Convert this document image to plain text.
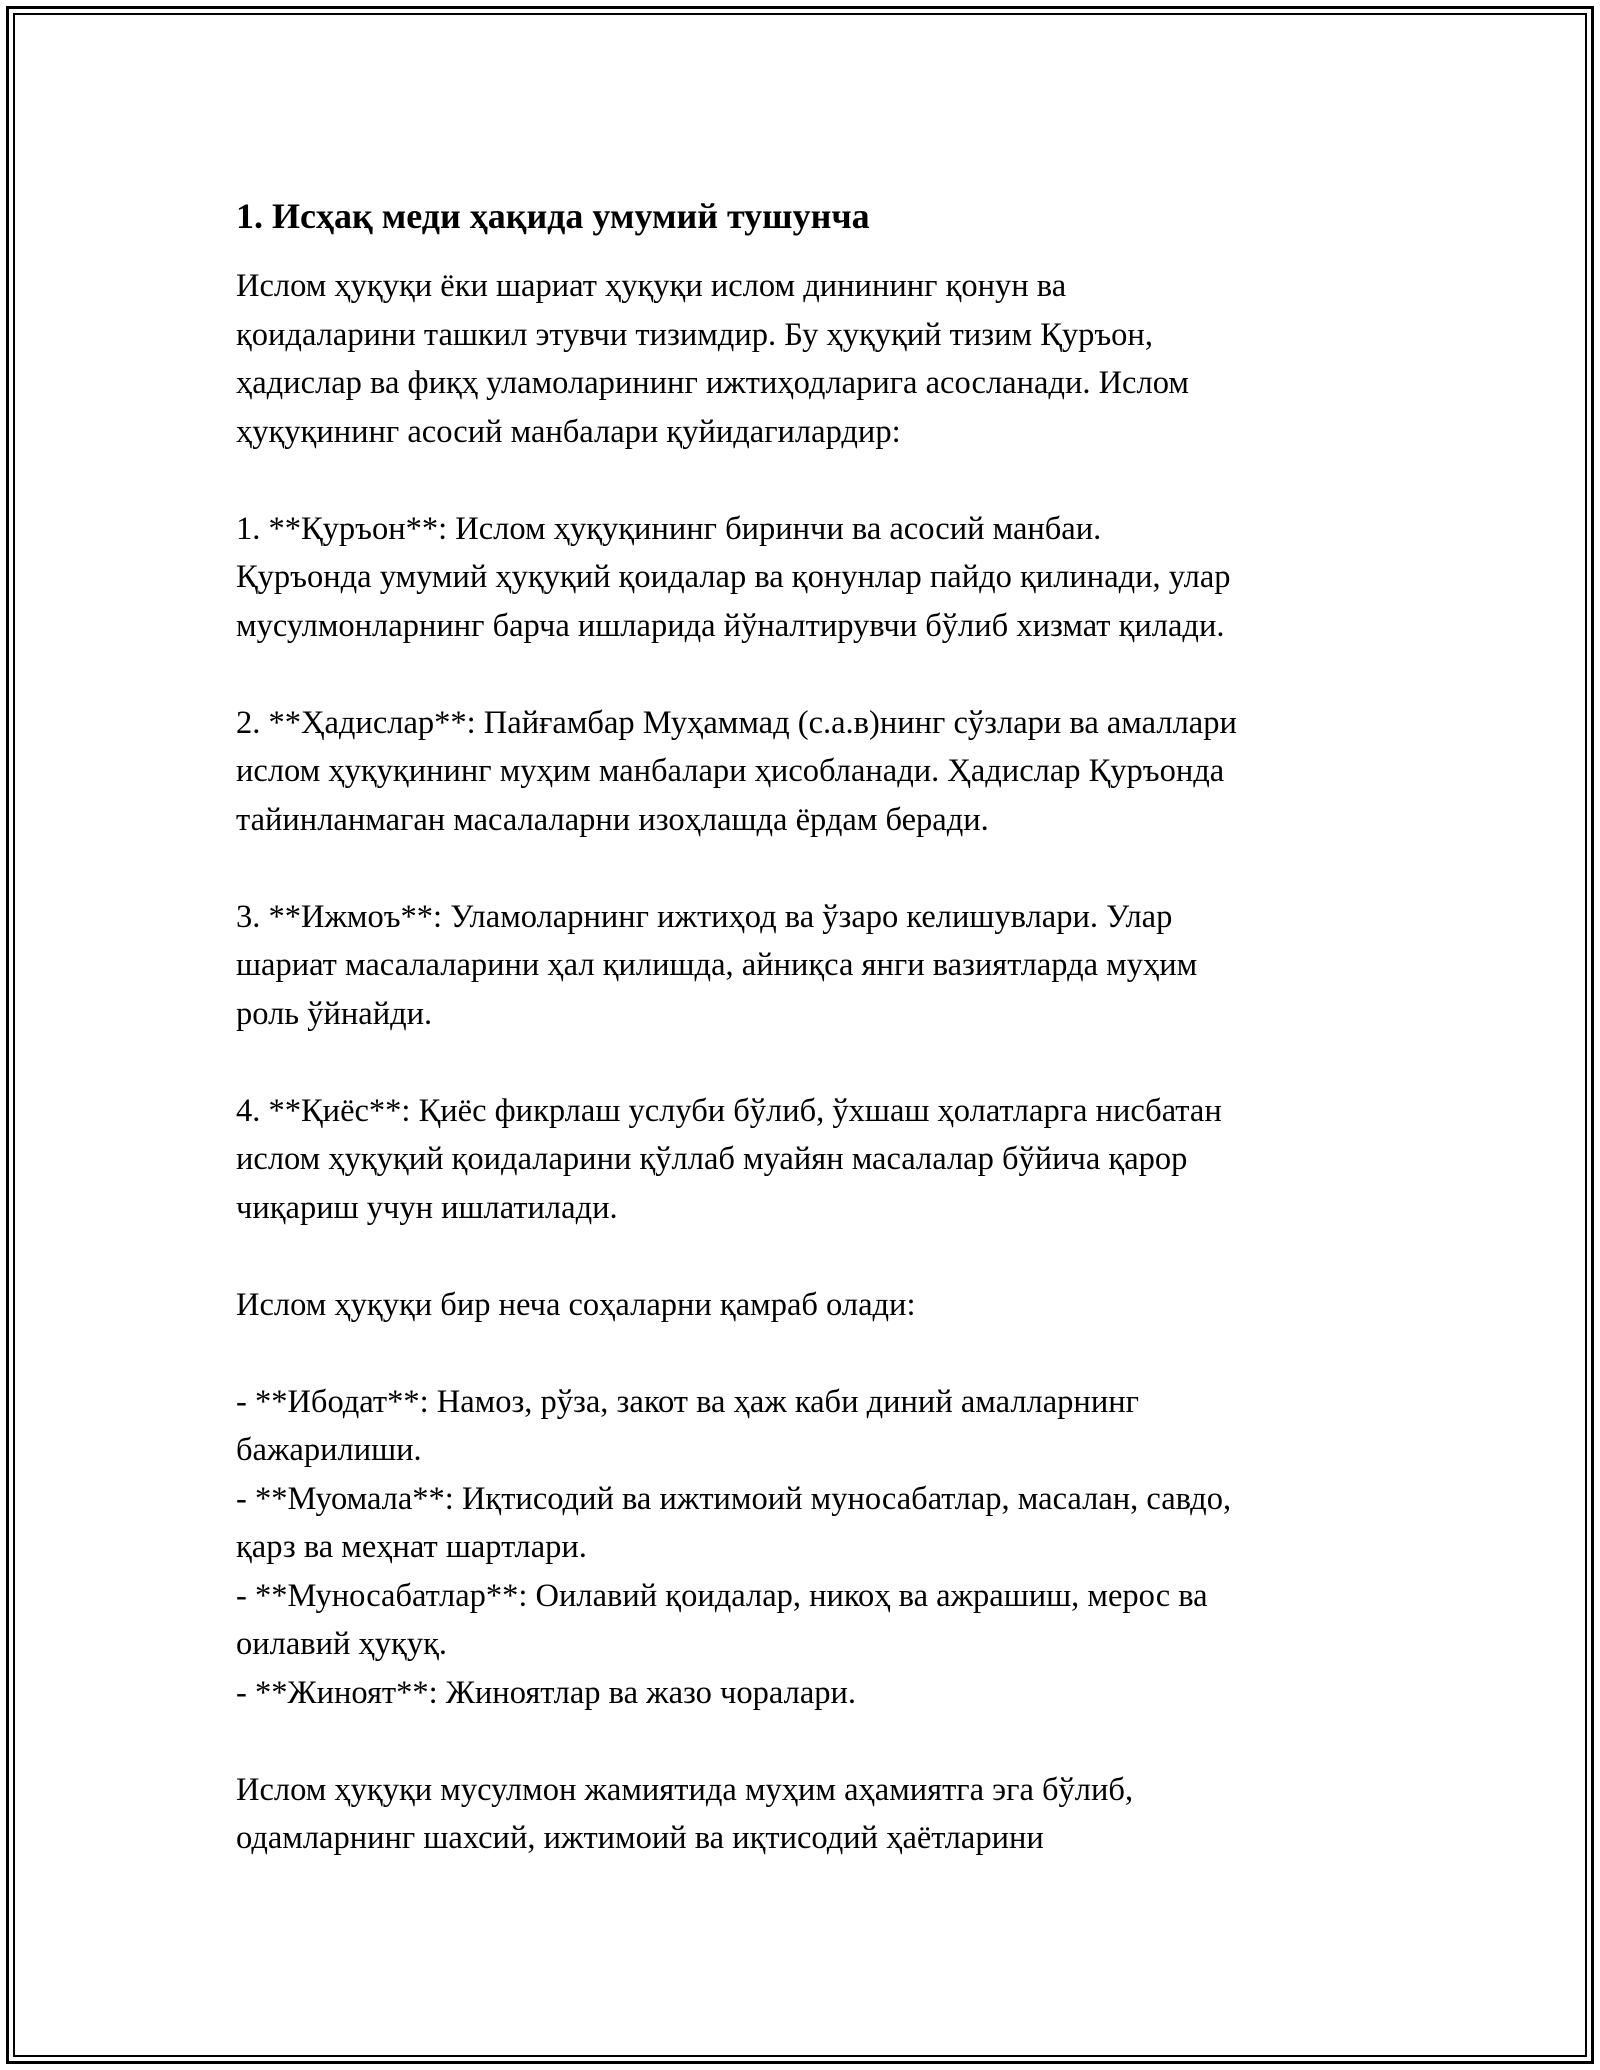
1. Исҳақ меди ҳақида умумий тушунча
Ислом ҳуқуқи ёки шариат ҳуқуқи ислом динининг қонун ва
қоидаларини ташкил этувчи тизимдир. Бу ҳуқуқий тизим Қуръон,
ҳадислар ва фиқҳ уламоларининг ижтиҳодларига асосланади. Ислом
ҳуқуқининг асосий манбалари қуйидагилардир:
1. **Қуръон**: Ислом ҳуқуқининг биринчи ва асосий манбаи.
Қуръонда умумий ҳуқуқий қоидалар ва қонунлар пайдо қилинади, улар
мусулмонларнинг барча ишларида йўналтирувчи бўлиб хизмат қилади.
2. **Ҳадислар**: Пайғамбар Муҳаммад (с.а.в)нинг сўзлари ва амаллари
ислом ҳуқуқининг муҳим манбалари ҳисобланади. Ҳадислар Қуръонда
тайинланмаган масалаларни изоҳлашда ёрдам беради.
3. **Ижмоъ**: Уламоларнинг ижтиҳод ва ўзаро келишувлари. Улар
шариат масалаларини ҳал қилишда, айниқса янги вазиятларда муҳим
роль ўйнайди.
4. **Қиёс**: Қиёс фикрлаш услуби бўлиб, ўхшаш ҳолатларга нисбатан
ислом ҳуқуқий қоидаларини қўллаб муайян масалалар бўйича қарор
чиқариш учун ишлатилади.
Ислом ҳуқуқи бир неча соҳаларни қамраб олади:
- **Ибодат**: Намоз, рўза, закот ва ҳаж каби диний амалларнинг
бажарилиши.
- **Муомала**: Иқтисодий ва ижтимоий муносабатлар, масалан, савдо,
қарз ва меҳнат шартлари.
- **Муносабатлар**: Оилавий қоидалар, никоҳ ва ажрашиш, мерос ва
оилавий ҳуқуқ.
- **Жиноят**: Жиноятлар ва жазо чоралари.
Ислом ҳуқуқи мусулмон жамиятида муҳим аҳамиятга эга бўлиб,
одамларнинг шахсий, ижтимоий ва иқтисодий ҳаётларини
